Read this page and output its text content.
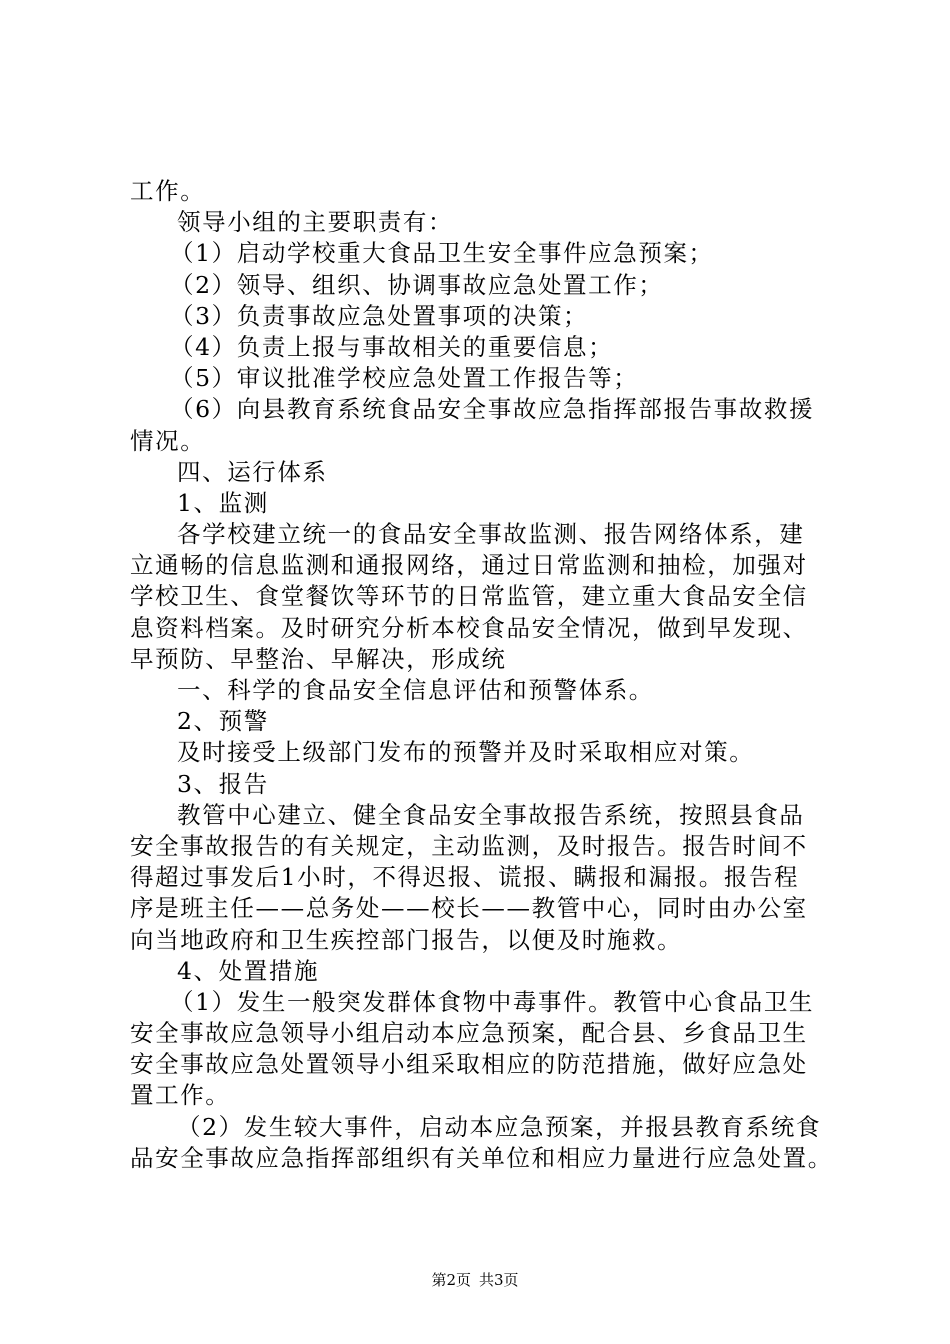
工作。
领导小组的主要职责有：
（1）启动学校重大食品卫生安全事件应急预案；
（2）领导、组织、协调事故应急处置工作；
（3）负责事故应急处置事项的决策；
（4）负责上报与事故相关的重要信息；
（5）审议批准学校应急处置工作报告等；
（6）向县教育系统食品安全事故应急指挥部报告事故救援
情况。
四、运行体系
1、监测
各学校建立统一的食品安全事故监测、报告网络体系，建
立通畅的信息监测和通报网络，通过日常监测和抽检，加强对
学校卫生、食堂餐饮等环节的日常监管，建立重大食品安全信
息资料档案。及时研究分析本校食品安全情况，做到早发现、
早预防、早整治、早解决，形成统
一、科学的食品安全信息评估和预警体系。
2、预警
及时接受上级部门发布的预警并及时采取相应对策。
3、报告
教管中心建立、健全食品安全事故报告系统，按照县食品
安全事故报告的有关规定，主动监测，及时报告。报告时间不
得超过事发后1小时，不得迟报、谎报、瞒报和漏报。报告程
序是班主任——总务处——校长——教管中心，同时由办公室
向当地政府和卫生疾控部门报告，以便及时施救。
4、处置措施
（1）发生一般突发群体食物中毒事件。教管中心食品卫生
安全事故应急领导小组启动本应急预案，配合县、乡食品卫生
安全事故应急处置领导小组采取相应的防范措施，做好应急处
置工作。
（2）发生较大事件，启动本应急预案，并报县教育系统食
品安全事故应急指挥部组织有关单位和相应力量进行应急处置。
第2页 共3页
